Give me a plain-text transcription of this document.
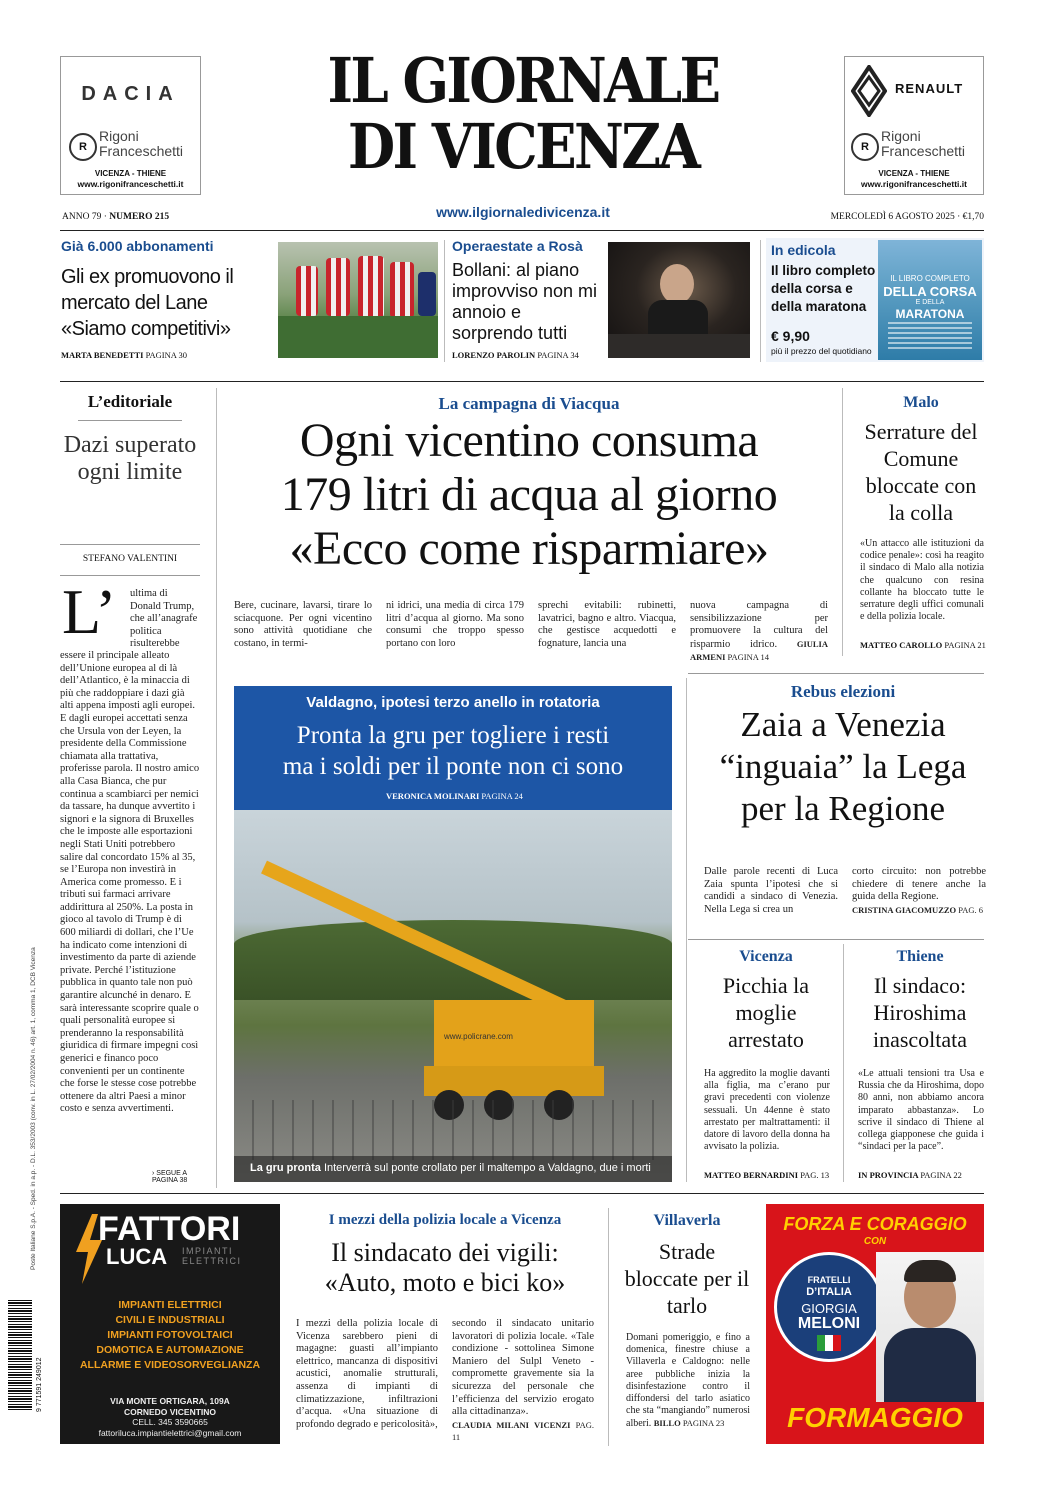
DACIA
R
Rigoni
Franceschetti
VICENZA - THIENE
www.rigonifranceschetti.it
IL GIORNALE
DI VICENZA
RENAULT
R
Rigoni
Franceschetti
VICENZA - THIENE
www.rigonifranceschetti.it
ANNO 79 · NUMERO 215	www.ilgiornaledivicenza.it	MERCOLEDÌ 6 AGOSTO 2025 · €1,70
Già 6.000 abbonamenti
Gli ex promuovono il mercato del Lane «Siamo competitivi»
MARTA BENEDETTI PAGINA 30
Operaestate a Rosà
Bollani: al piano improvviso non mi annoio e sorprendo tutti
LORENZO PAROLIN PAGINA 34
In edicola
Il libro completo della corsa e della maratona
€ 9,90
più il prezzo del quotidiano
IL LIBRO COMPLETO
DELLA CORSA
E DELLA
MARATONA
L’editoriale
Dazi superato ogni limite
STEFANO VALENTINI
L’ ultima di Donald Trump, che all’anagrafe politica risulterebbe
essere il principale alleato dell’Unione europea al di là dell’Atlantico, è la minaccia di più che raddoppiare i dazi già alti appena imposti agli europei. E dagli europei accettati senza che Ursula von der Leyen, la presidente della Commissione chiamata alla trattativa, proferisse parola. Il nostro amico alla Casa Bianca, che pur continua a scambiarci per nemici da tassare, ha dunque avvertito i signori e la signora di Bruxelles che le imposte alle esportazioni negli Stati Uniti potrebbero salire dal concordato 15% al 35, se l’Europa non investirà in America come promesso. E i tributi sui farmaci arrivare addirittura al 250%. La posta in gioco al tavolo di Trump è di 600 miliardi di dollari, che l’Ue ha indicato come intenzioni di investimento da parte di aziende private. Perché l’istituzione pubblica in quanto tale non può garantire alcunché in denaro. E sarà interessante scoprire quale o quali personalità europee si prenderanno la responsabilità giuridica di firmare impegni così generici e financo poco convenienti per un continente che forse le stesse cose potrebbe ottenere da altri Paesi a minor costo e senza avvertimenti.
› SEGUE A PAGINA 38
La campagna di Viacqua
Ogni vicentino consuma
179 litri di acqua al giorno
«Ecco come risparmiare»
Bere, cucinare, lavarsi, tirare lo sciacquone. Per ogni vicentino sono attività quotidiane che costano, in termi-
ni idrici, una media di circa 179 litri d’acqua al giorno. Ma sono consumi che troppo spesso portano con loro
sprechi evitabili: rubinetti, lavatrici, bagno e altro. Viacqua, che gestisce acquedotti e fognature, lancia una
nuova campagna di sensibilizzazione per promuovere la cultura del risparmio idrico. GIULIA ARMENI PAGINA 14
Malo
Serrature del Comune bloccate con la colla
«Un attacco alle istituzioni da codice penale»: così ha reagito il sindaco di Malo alla notizia che qualcuno con resina collante ha bloccato tutte le serrature degli uffici comunali e della polizia locale.
MATTEO CAROLLO PAGINA 21
Valdagno, ipotesi terzo anello in rotatoria
Pronta la gru per togliere i resti
ma i soldi per il ponte non ci sono
VERONICA MOLINARI PAGINA 24
www.policrane.com
La gru pronta Interverrà sul ponte crollato per il maltempo a Valdagno, due i morti
Rebus elezioni
Zaia a Venezia
“inguaia” la Lega
per la Regione
Dalle parole recenti di Luca Zaia spunta l’ipotesi che si candidi a sindaco di Venezia. Nella Lega si crea un
corto circuito: non potrebbe chiedere di tenere anche la guida della Regione.
CRISTINA GIACOMUZZO PAG. 6
Vicenza
Picchia la moglie arrestato
Ha aggredito la moglie davanti alla figlia, ma c’erano pur gravi precedenti con violenze sessuali. Un 44enne è stato arrestato per maltrattamenti: il datore di lavoro della donna ha avvisato la polizia.
MATTEO BERNARDINI PAG. 13
Thiene
Il sindaco: Hiroshima inascoltata
«Le attuali tensioni tra Usa e Russia che da Hiroshima, dopo 80 anni, non abbiamo ancora imparato abbastanza». Lo scrive il sindaco di Thiene al collega giapponese che guida i “sindaci per la pace”.
IN PROVINCIA PAGINA 22
FATTORI
LUCA IMPIANTI ELETTRICI
IMPIANTI ELETTRICI
CIVILI E INDUSTRIALI
IMPIANTI FOTOVOLTAICI
DOMOTICA E AUTOMAZIONE
ALLARME E VIDEOSORVEGLIANZA
VIA MONTE ORTIGARA, 109A
CORNEDO VICENTINO
CELL. 345 3590665
fattoriluca.impiantielettrici@gmail.com
I mezzi della polizia locale a Vicenza
Il sindacato dei vigili:
«Auto, moto e bici ko»
I mezzi della polizia locale di Vicenza sarebbero pieni di magagne: guasti all’impianto elettrico, mancanza di dispositivi acustici, anomalie strutturali, assenza di impianti di climatizzazione, infiltrazioni d’acqua. «Una situazione di profondo degrado e pericolosità»,
secondo il sindacato unitario lavoratori di polizia locale. «Tale condizione - sottolinea Simone Maniero del Sulpl Veneto - compromette gravemente sia la sicurezza del personale che l’efficienza del servizio erogato alla cittadinanza».
CLAUDIA MILANI VICENZI PAG. 11
Villaverla
Strade bloccate per il tarlo
Domani pomeriggio, e fino a domenica, finestre chiuse a Villaverla e Caldogno: nelle aree pubbliche inizia la disinfestazione contro il diffondersi del tarlo asiatico che sta “mangiando” numerosi alberi. BILLO PAGINA 23
FORZA E CORAGGIO
CON
FRATELLI
D’ITALIA
GIORGIA
MELONI
FORMAGGIO
Poste Italiane S.p.A. - Sped. in a.p. - D.L. 353/2003 (conv. in L. 27/02/2004 n. 46) art. 1, comma 1, DCB Vicenza
9 771591 249012
